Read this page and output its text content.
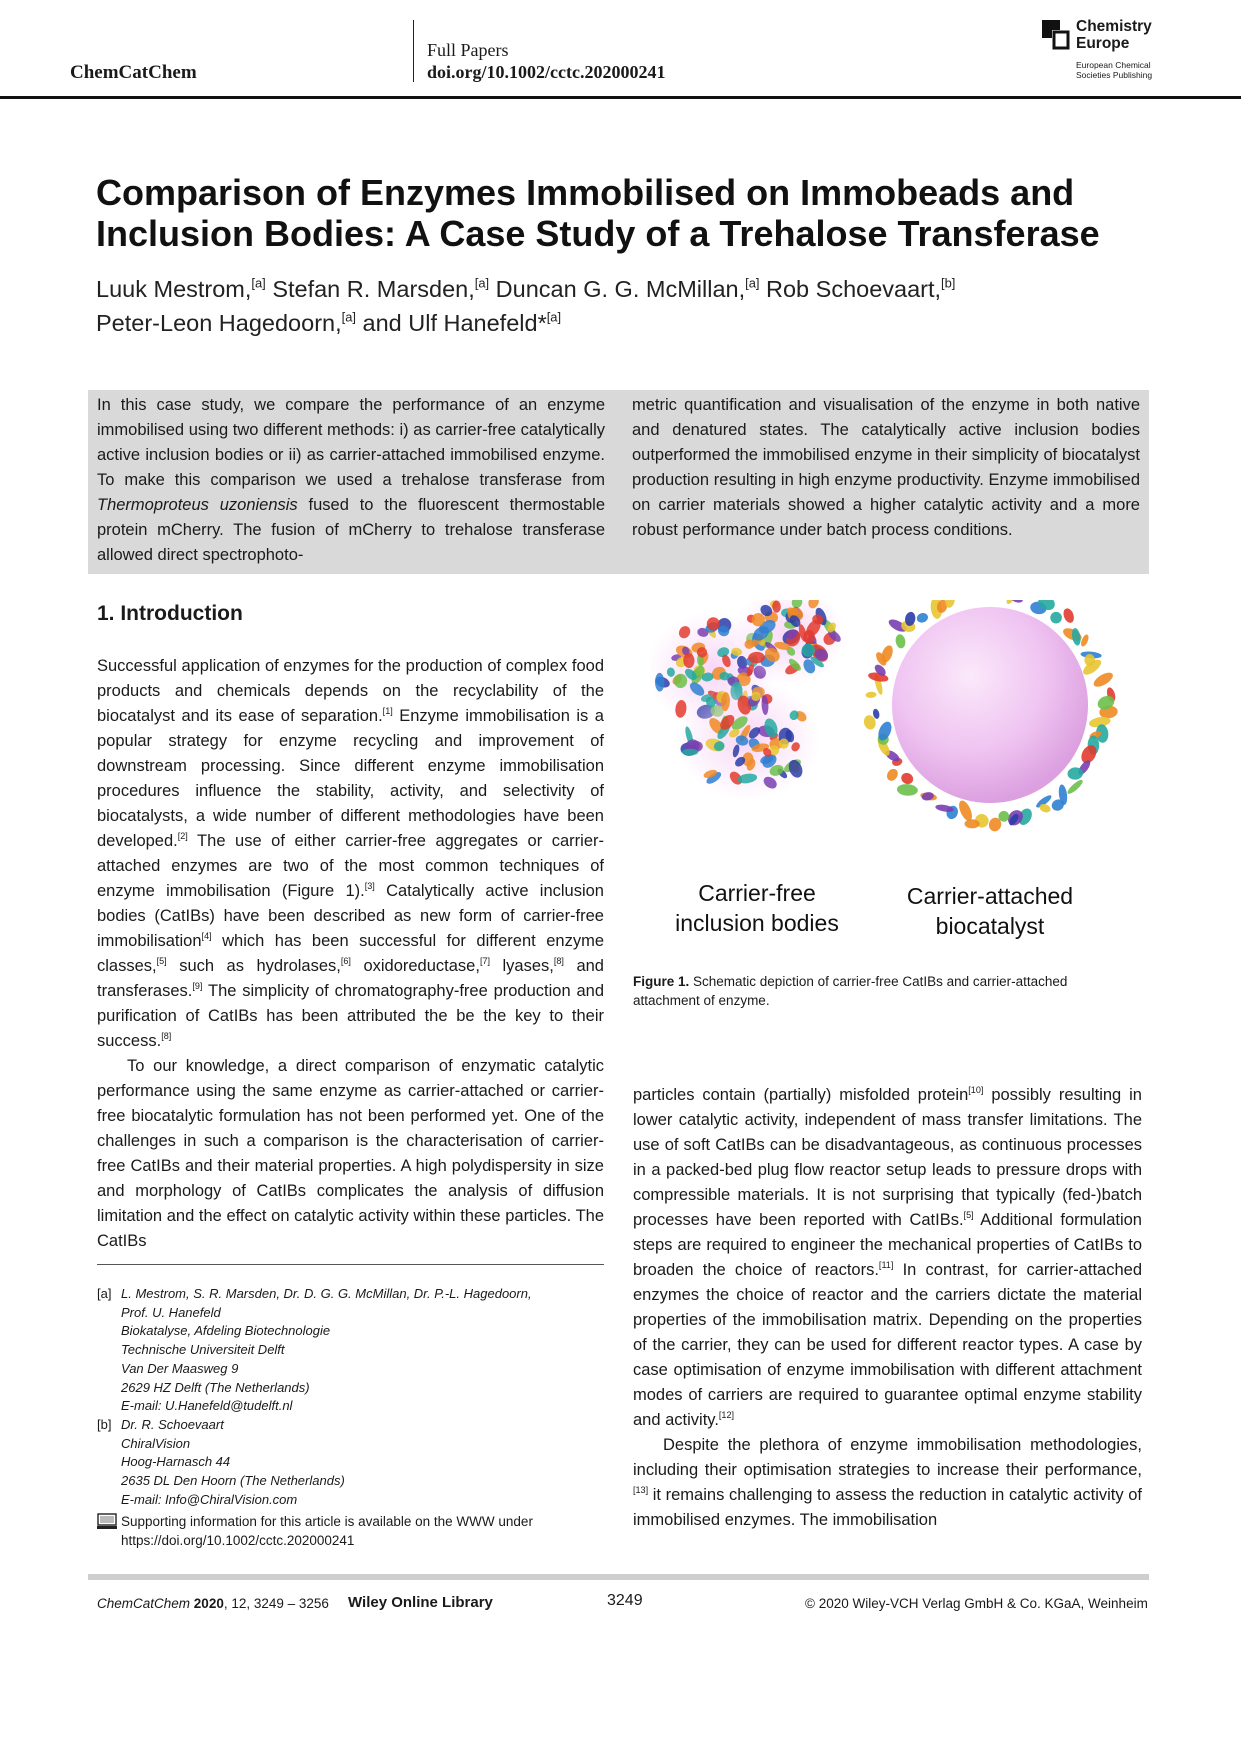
ChemCatChem
Full Papers
doi.org/10.1002/cctc.202000241
Chemistry
Europe
European Chemical
Societies Publishing
Comparison of Enzymes Immobilised on Immobeads and Inclusion Bodies: A Case Study of a Trehalose Transferase
Luuk Mestrom,[a] Stefan R. Marsden,[a] Duncan G. G. McMillan,[a] Rob Schoevaart,[b]
Peter-Leon Hagedoorn,[a] and Ulf Hanefeld*[a]
In this case study, we compare the performance of an enzyme immobilised using two different methods: i) as carrier-free catalytically active inclusion bodies or ii) as carrier-attached immobilised enzyme. To make this comparison we used a trehalose transferase from Thermoproteus uzoniensis fused to the fluorescent thermostable protein mCherry. The fusion of mCherry to trehalose transferase allowed direct spectrophoto-
metric quantification and visualisation of the enzyme in both native and denatured states. The catalytically active inclusion bodies outperformed the immobilised enzyme in their simplicity of biocatalyst production resulting in high enzyme productivity. Enzyme immobilised on carrier materials showed a higher catalytic activity and a more robust performance under batch process conditions.
1. Introduction

Successful application of enzymes for the production of complex food products and chemicals depends on the recyclability of the biocatalyst and its ease of separation.[1] Enzyme immobilisation is a popular strategy for enzyme recycling and improvement of downstream processing. Since different enzyme immobilisation procedures influence the stability, activity, and selectivity of biocatalysts, a wide number of different methodologies have been developed.[2] The use of either carrier-free aggregates or carrier-attached enzymes are two of the most common techniques of enzyme immobilisation (Figure 1).[3] Catalytically active inclusion bodies (CatIBs) have been described as new form of carrier-free immobilisation[4] which has been successful for different enzyme classes,[5] such as hydrolases,[6] oxidoreductase,[7] lyases,[8] and transferases.[9] The simplicity of chromatography-free production and purification of CatIBs has been attributed the be the key to their success.[8]

To our knowledge, a direct comparison of enzymatic catalytic performance using the same enzyme as carrier-attached or carrier-free biocatalytic formulation has not been performed yet. One of the challenges in such a comparison is the characterisation of carrier-free CatIBs and their material properties. A high polydispersity in size and morphology of CatIBs complicates the analysis of diffusion limitation and the effect on catalytic activity within these particles. The CatIBs

[a] L. Mestrom, S. R. Marsden, Dr. D. G. G. McMillan, Dr. P.-L. Hagedoorn,
Prof. U. Hanefeld
Biokatalyse, Afdeling Biotechnologie
Technische Universiteit Delft
Van Der Maasweg 9
2629 HZ Delft (The Netherlands)
E-mail: U.Hanefeld@tudelft.nl
[b] Dr. R. Schoevaart
ChiralVision
Hoog-Harnasch 44
2635 DL Den Hoorn (The Netherlands)
E-mail: Info@ChiralVision.com
Supporting information for this article is available on the WWW under https://doi.org/10.1002/cctc.202000241
Carrier-free
inclusion bodies
Carrier-attached
biocatalyst
Figure 1. Schematic depiction of carrier-free CatIBs and carrier-attached attachment of enzyme.

particles contain (partially) misfolded protein[10] possibly resulting in lower catalytic activity, independent of mass transfer limitations. The use of soft CatIBs can be disadvantageous, as continuous processes in a packed-bed plug flow reactor setup leads to pressure drops with compressible materials. It is not surprising that typically (fed-)batch processes have been reported with CatIBs.[5] Additional formulation steps are required to engineer the mechanical properties of CatIBs to broaden the choice of reactors.[11] In contrast, for carrier-attached enzymes the choice of reactor and the carriers dictate the material properties of the immobilisation matrix. Depending on the properties of the carrier, they can be used for different reactor types. A case by case optimisation of enzyme immobilisation with different attachment modes of carriers are required to guarantee optimal enzyme stability and activity.[12]

Despite the plethora of enzyme immobilisation methodologies, including their optimisation strategies to increase their performance,[13] it remains challenging to assess the reduction in catalytic activity of immobilised enzymes. The immobilisation

ChemCatChem 2020, 12, 3249 – 3256 Wiley Online Library	3249	© 2020 Wiley-VCH Verlag GmbH & Co. KGaA, Weinheim
